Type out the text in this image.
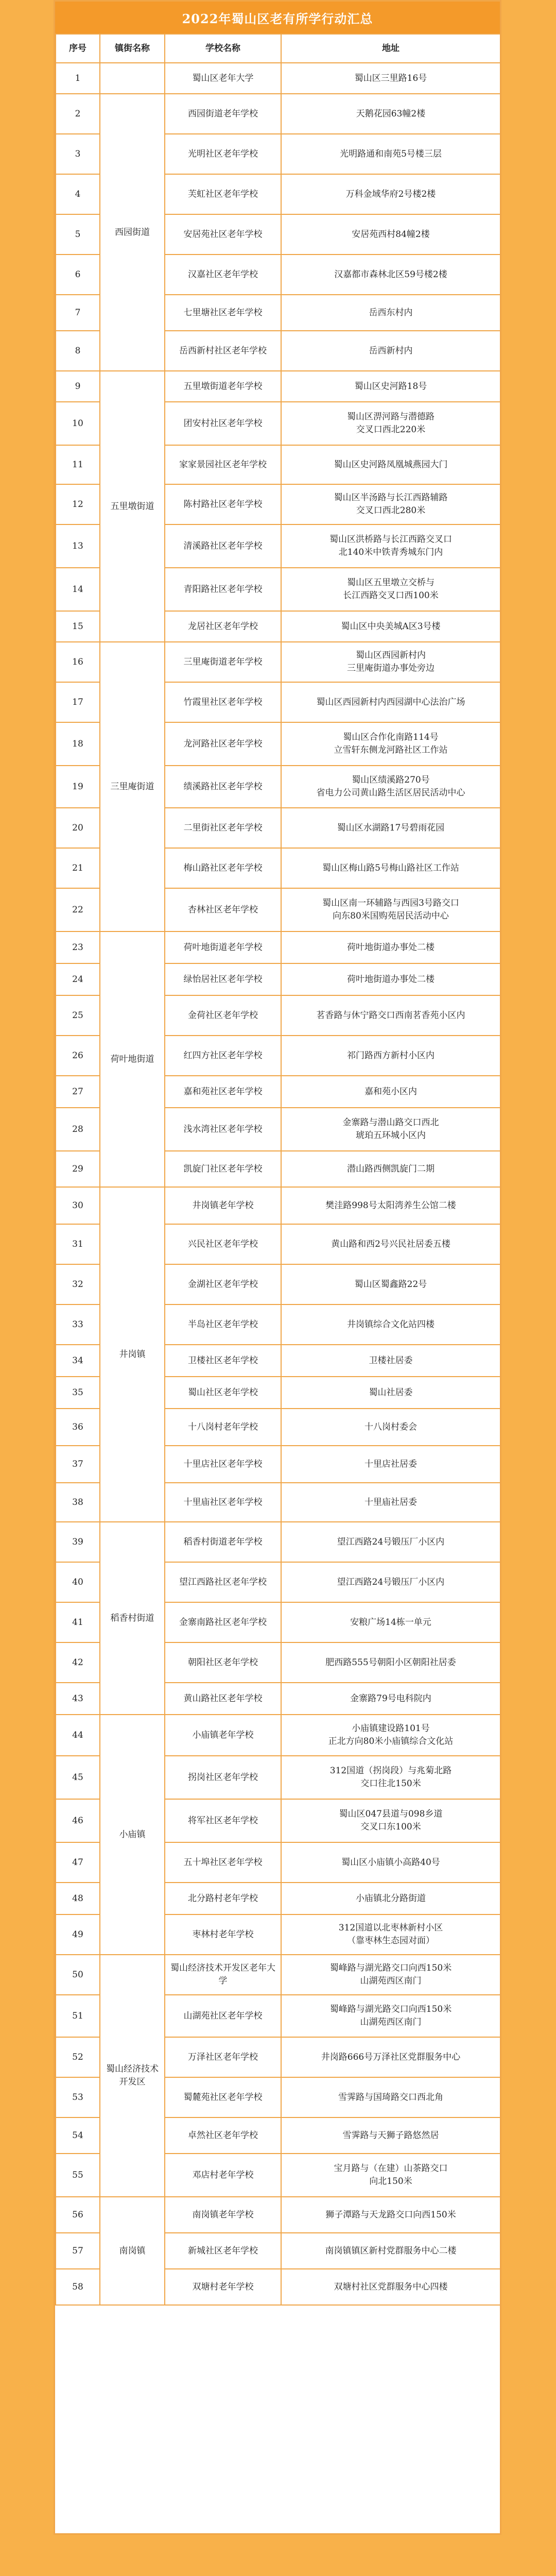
2022年蜀山区老有所学行动汇总
序号	镇街名称	学校名称	地址
1		蜀山区老年大学	蜀山区三里路16号

2	西园街道	西园街道老年学校	天鹅花园63幢2楼

3		光明社区老年学校	光明路通和南苑5号楼三层

4		芙虹社区老年学校	万科金域华府2号楼2楼

5		安居苑社区老年学校	安居苑西村84幢2楼

6		汉嘉社区老年学校	汉嘉都市森林北区59号楼2楼

7		七里塘社区老年学校	岳西东村内

8		岳西新村社区老年学校	岳西新村内

9	五里墩街道	五里墩街道老年学校	蜀山区史河路18号

10		团安村社区老年学校	蜀山区淠河路与潜德路
交叉口西北220米

11		家家景园社区老年学校	蜀山区史河路凤凰城燕园大门

12		陈村路社区老年学校	蜀山区半汤路与长江西路辅路
交叉口西北280米

13		清溪路社区老年学校	蜀山区洪桥路与长江西路交叉口
北140米中铁青秀城东门内

14		青阳路社区老年学校	蜀山区五里墩立交桥与
长江西路交叉口西100米

15		龙居社区老年学校	蜀山区中央美城A区3号楼

16	三里庵街道	三里庵街道老年学校	蜀山区西园新村内
三里庵街道办事处旁边

17		竹霞里社区老年学校	蜀山区西园新村内西园湖中心法治广场

18		龙河路社区老年学校	蜀山区合作化南路114号
立雪轩东侧龙河路社区工作站

19		绩溪路社区老年学校	蜀山区绩溪路270号
省电力公司黄山路生活区居民活动中心

20		二里街社区老年学校	蜀山区水湖路17号碧雨花园

21		梅山路社区老年学校	蜀山区梅山路5号梅山路社区工作站

22		杏林社区老年学校	蜀山区南一环辅路与西园3号路交口
向东80米国购苑居民活动中心

23	荷叶地街道	荷叶地街道老年学校	荷叶地街道办事处二楼

24		绿怡居社区老年学校	荷叶地街道办事处二楼

25		金荷社区老年学校	茗香路与休宁路交口西南茗香苑小区内

26		红四方社区老年学校	祁门路西方新村小区内

27		嘉和苑社区老年学校	嘉和苑小区内

28		浅水湾社区老年学校	金寨路与潜山路交口西北
琥珀五环城小区内

29		凯旋门社区老年学校	潜山路西侧凯旋门二期

30	井岗镇	井岗镇老年学校	樊洼路998号太阳湾养生公馆二楼

31		兴民社区老年学校	黄山路和西2号兴民社居委五楼

32		金湖社区老年学校	蜀山区蜀鑫路22号

33		半岛社区老年学校	井岗镇综合文化站四楼

34		卫楼社区老年学校	卫楼社居委

35		蜀山社区老年学校	蜀山社居委

36		十八岗村老年学校	十八岗村委会

37		十里店社区老年学校	十里店社居委

38		十里庙社区老年学校	十里庙社居委

39	稻香村街道	稻香村街道老年学校	望江西路24号锻压厂小区内

40		望江西路社区老年学校	望江西路24号锻压厂小区内

41		金寨南路社区老年学校	安粮广场14栋一单元

42		朝阳社区老年学校	肥西路555号朝阳小区朝阳社居委

43		黄山路社区老年学校	金寨路79号电科院内

44	小庙镇	小庙镇老年学校	小庙镇建设路101号
正北方向80米小庙镇综合文化站

45		拐岗社区老年学校	312国道（拐岗段）与兆菊北路
交口往北150米

46		将军社区老年学校	蜀山区047县道与098乡道
交叉口东100米

47		五十埠社区老年学校	蜀山区小庙镇小高路40号

48		北分路村老年学校	小庙镇北分路街道

49		枣林村老年学校	312国道以北枣林新村小区
（靠枣林生态园对面）

50	蜀山经济技术开发区	蜀山经济技术开发区老年大学	蜀峰路与湖光路交口向西150米
山湖苑西区南门

51		山湖苑社区老年学校	蜀峰路与湖光路交口向西150米
山湖苑西区南门

52		万泽社区老年学校	井岗路666号万泽社区党群服务中心

53		蜀麓苑社区老年学校	雪霁路与国琦路交口西北角

54		卓然社区老年学校	雪霁路与天狮子路悠然居

55		邓店村老年学校	宝月路与（在建）山茶路交口
向北150米

56	南岗镇	南岗镇老年学校	狮子潭路与天龙路交口向西150米

57		新城社区老年学校	南岗镇镇区新村党群服务中心二楼

58		双塘村老年学校	双塘村社区党群服务中心四楼
